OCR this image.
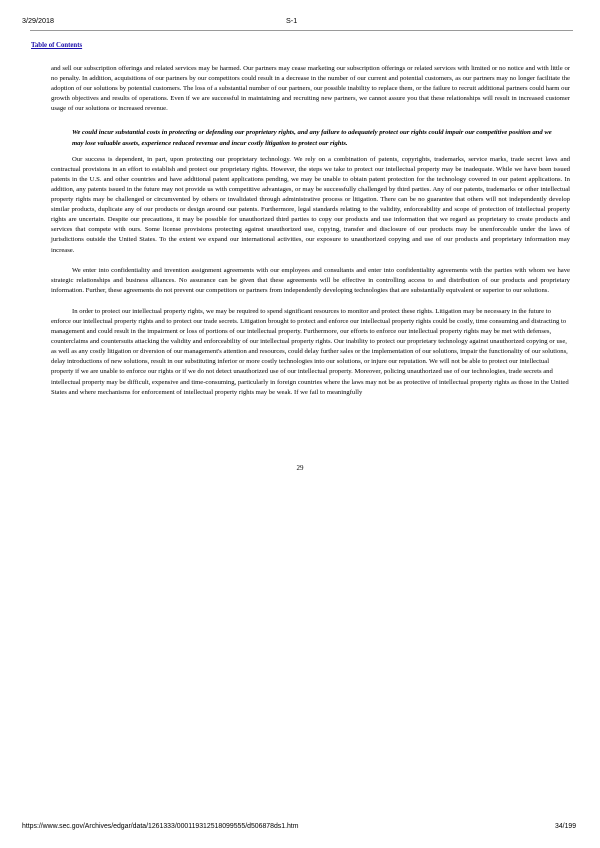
3/29/2018	S-1
Table of Contents

and sell our subscription offerings and related services may be harmed. Our partners may cease marketing our subscription offerings or related services with limited or no notice and with little or no penalty. In addition, acquisitions of our partners by our competitors could result in a decrease in the number of our current and potential customers, as our partners may no longer facilitate the adoption of our solutions by potential customers. The loss of a substantial number of our partners, our possible inability to replace them, or the failure to recruit additional partners could harm our growth objectives and results of operations. Even if we are successful in maintaining and recruiting new partners, we cannot assure you that these relationships will result in increased customer usage of our solutions or increased revenue.

We could incur substantial costs in protecting or defending our proprietary rights, and any failure to adequately protect our rights could impair our competitive position and we may lose valuable assets, experience reduced revenue and incur costly litigation to protect our rights.

Our success is dependent, in part, upon protecting our proprietary technology. We rely on a combination of patents, copyrights, trademarks, service marks, trade secret laws and contractual provisions in an effort to establish and protect our proprietary rights. However, the steps we take to protect our intellectual property may be inadequate. While we have been issued patents in the U.S. and other countries and have additional patent applications pending, we may be unable to obtain patent protection for the technology covered in our patent applications. In addition, any patents issued in the future may not provide us with competitive advantages, or may be successfully challenged by third parties. Any of our patents, trademarks or other intellectual property rights may be challenged or circumvented by others or invalidated through administrative process or litigation. There can be no guarantee that others will not independently develop similar products, duplicate any of our products or design around our patents. Furthermore, legal standards relating to the validity, enforceability and scope of protection of intellectual property rights are uncertain. Despite our precautions, it may be possible for unauthorized third parties to copy our products and use information that we regard as proprietary to create products and services that compete with ours. Some license provisions protecting against unauthorized use, copying, transfer and disclosure of our products may be unenforceable under the laws of jurisdictions outside the United States. To the extent we expand our international activities, our exposure to unauthorized copying and use of our products and proprietary information may increase.

We enter into confidentiality and invention assignment agreements with our employees and consultants and enter into confidentiality agreements with the parties with whom we have strategic relationships and business alliances. No assurance can be given that these agreements will be effective in controlling access to and distribution of our products and proprietary information. Further, these agreements do not prevent our competitors or partners from independently developing technologies that are substantially equivalent or superior to our solutions.

In order to protect our intellectual property rights, we may be required to spend significant resources to monitor and protect these rights. Litigation may be necessary in the future to enforce our intellectual property rights and to protect our trade secrets. Litigation brought to protect and enforce our intellectual property rights could be costly, time consuming and distracting to management and could result in the impairment or loss of portions of our intellectual property. Furthermore, our efforts to enforce our intellectual property rights may be met with defenses, counterclaims and countersuits attacking the validity and enforceability of our intellectual property rights. Our inability to protect our proprietary technology against unauthorized copying or use, as well as any costly litigation or diversion of our management's attention and resources, could delay further sales or the implementation of our solutions, impair the functionality of our solutions, delay introductions of new solutions, result in our substituting inferior or more costly technologies into our solutions, or injure our reputation. We will not be able to protect our intellectual property if we are unable to enforce our rights or if we do not detect unauthorized use of our intellectual property. Moreover, policing unauthorized use of our technologies, trade secrets and intellectual property may be difficult, expensive and time-consuming, particularly in foreign countries where the laws may not be as protective of intellectual property rights as those in the United States and where mechanisms for enforcement of intellectual property rights may be weak. If we fail to meaningfully

29
https://www.sec.gov/Archives/edgar/data/1261333/000119312518099555/d506878ds1.htm	34/199
